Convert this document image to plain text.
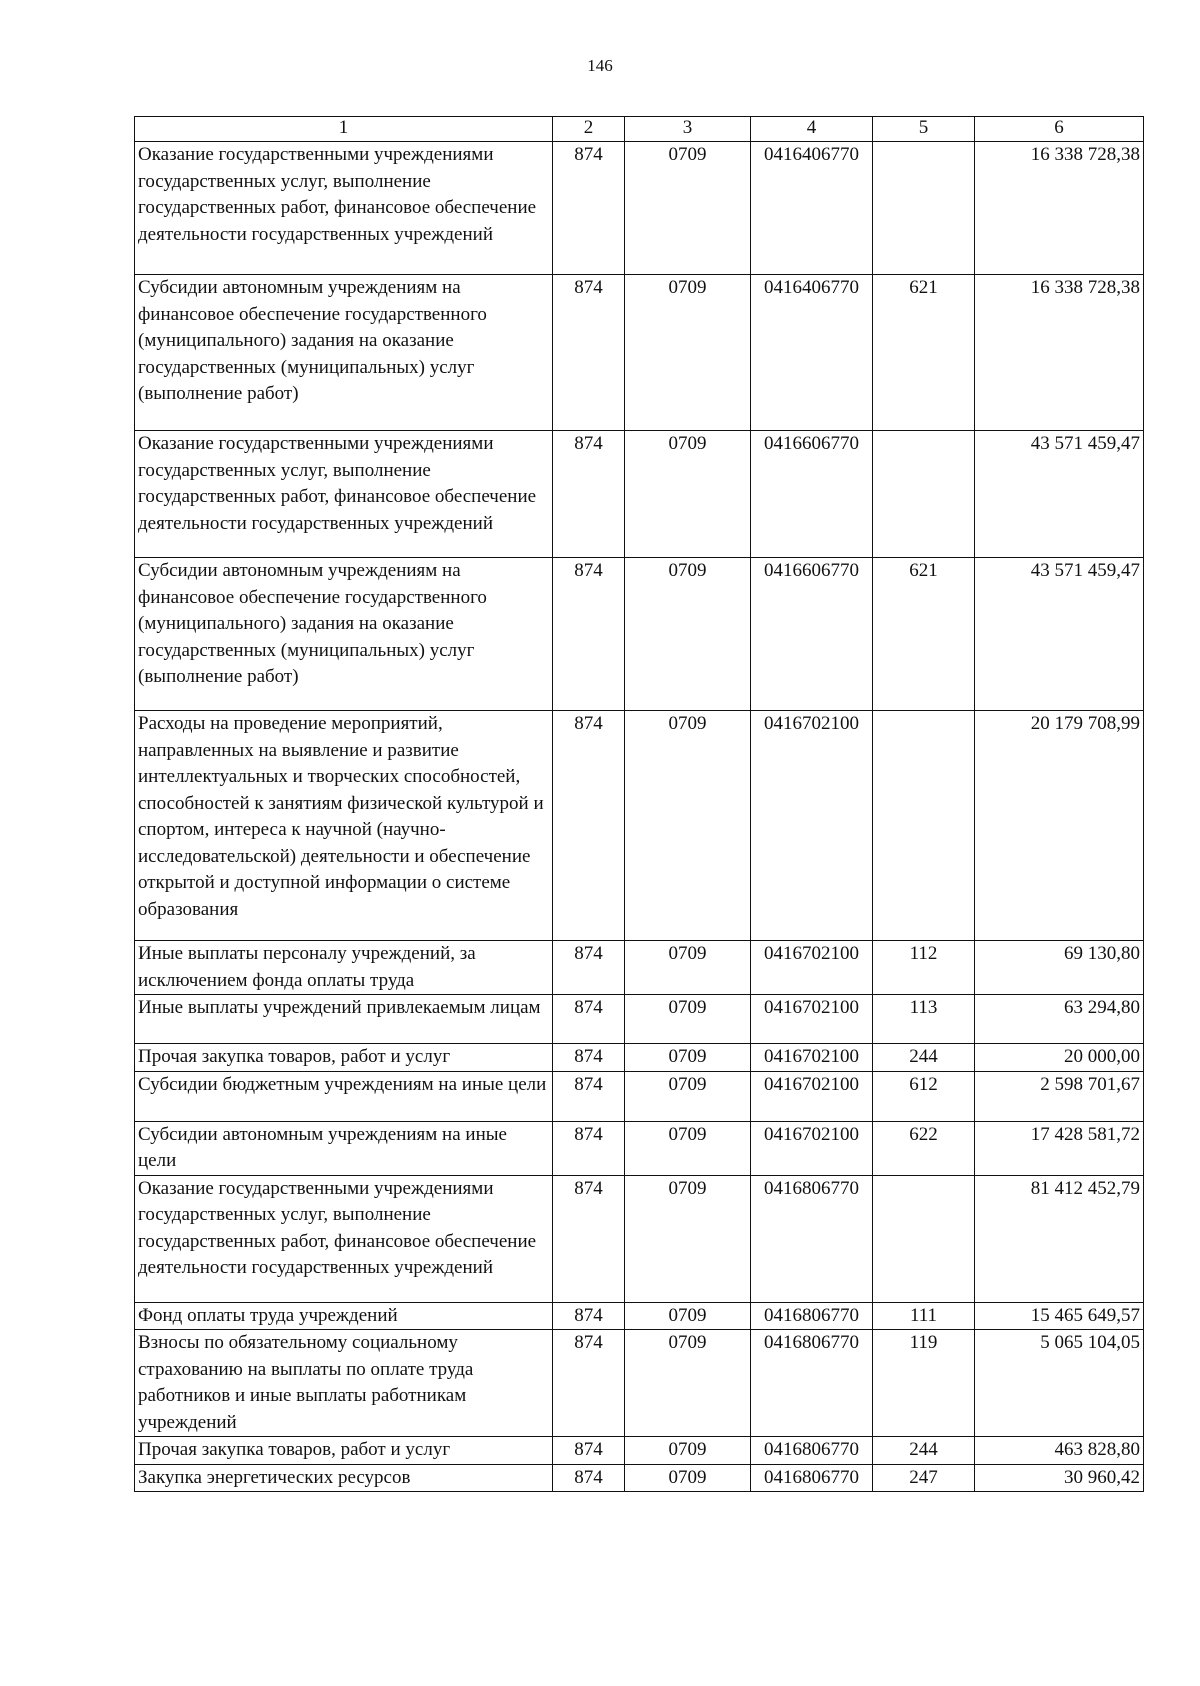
146
1	2	3	4	5	6
Оказание государственными учреждениями государственных услуг, выполнение государственных работ, финансовое обеспечение деятельности государственных учреждений	874	0709	0416406770		16 338 728,38
Субсидии автономным учреждениям на финансовое обеспечение государственного (муниципального) задания на оказание государственных (муниципальных) услуг (выполнение работ)	874	0709	0416406770	621	16 338 728,38
Оказание государственными учреждениями государственных услуг, выполнение государственных работ, финансовое обеспечение деятельности государственных учреждений	874	0709	0416606770		43 571 459,47
Субсидии автономным учреждениям на финансовое обеспечение государственного (муниципального) задания на оказание государственных (муниципальных) услуг (выполнение работ)	874	0709	0416606770	621	43 571 459,47
Расходы на проведение мероприятий, направленных на выявление и развитие интеллектуальных и творческих способностей, способностей к занятиям физической культурой и спортом, интереса к научной (научно-исследовательской) деятельности и обеспечение открытой и доступной информации о системе образования	874	0709	0416702100		20 179 708,99
Иные выплаты персоналу учреждений, за исключением фонда оплаты труда	874	0709	0416702100	112	69 130,80
Иные выплаты учреждений привлекаемым лицам	874	0709	0416702100	113	63 294,80
Прочая закупка товаров, работ и услуг	874	0709	0416702100	244	20 000,00
Субсидии бюджетным учреждениям на иные цели	874	0709	0416702100	612	2 598 701,67
Субсидии автономным учреждениям на иные цели	874	0709	0416702100	622	17 428 581,72
Оказание государственными учреждениями государственных услуг, выполнение государственных работ, финансовое обеспечение деятельности государственных учреждений	874	0709	0416806770		81 412 452,79
Фонд оплаты труда учреждений	874	0709	0416806770	111	15 465 649,57
Взносы по обязательному социальному страхованию на выплаты по оплате труда работников и иные выплаты работникам учреждений	874	0709	0416806770	119	5 065 104,05
Прочая закупка товаров, работ и услуг	874	0709	0416806770	244	463 828,80
Закупка энергетических ресурсов	874	0709	0416806770	247	30 960,42
